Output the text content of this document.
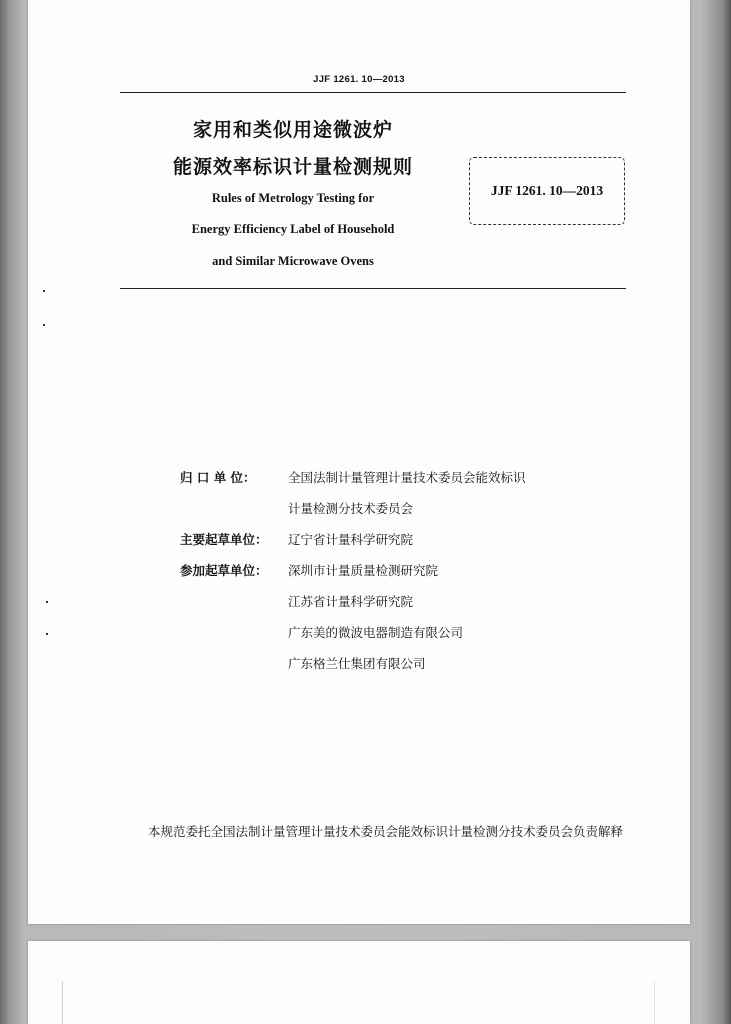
JJF 1261. 10—2013
家用和类似用途微波炉
能源效率标识计量检测规则
Rules of Metrology Testing for
Energy Efficiency Label of Household
and Similar Microwave Ovens
JJF 1261. 10—2013
归 口 单 位：	全国法制计量管理计量技术委员会能效标识
计量检测分技术委员会
主要起草单位：	辽宁省计量科学研究院
参加起草单位：	深圳市计量质量检测研究院
江苏省计量科学研究院
广东美的微波电器制造有限公司
广东格兰仕集团有限公司
本规范委托全国法制计量管理计量技术委员会能效标识计量检测分技术委员会负责解释
